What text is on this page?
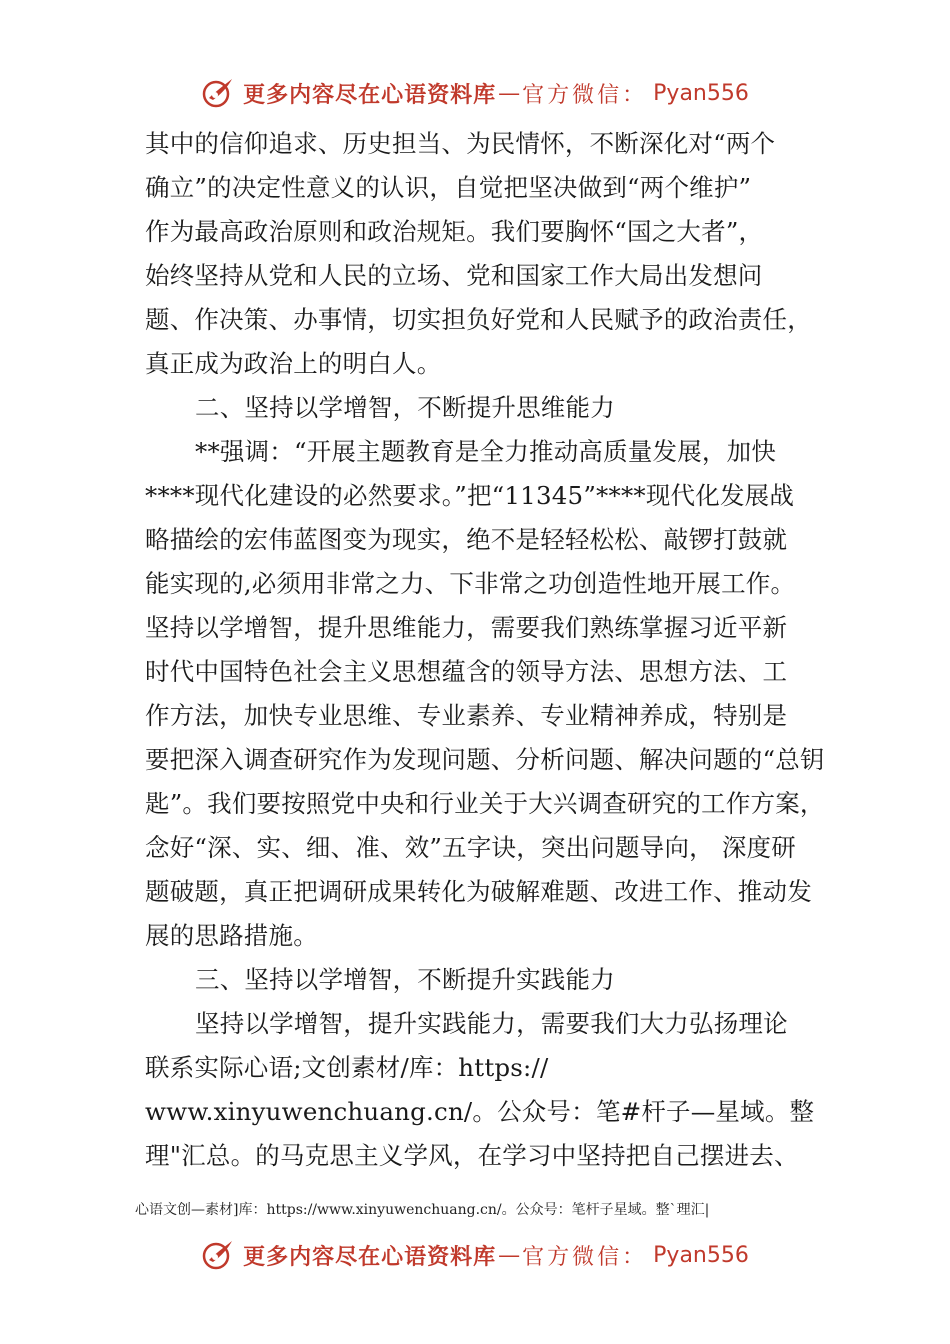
更多内容尽在心语资料库 — 官方微信： Pyan556
其中的信仰追求、历史担当、为民情怀，不断深化对“两个
确立”的决定性意义的认识，自觉把坚决做到“两个维护”
作为最高政治原则和政治规矩。我们要胸怀“国之大者”，
始终坚持从党和人民的立场、党和国家工作大局出发想问
题、作决策、办事情，切实担负好党和人民赋予的政治责任，
真正成为政治上的明白人。
二、坚持以学增智，不断提升思维能力
**强调：“开展主题教育是全力推动高质量发展，加快
****现代化建设的必然要求。”把“11345”****现代化发展战
略描绘的宏伟蓝图变为现实，绝不是轻轻松松、敲锣打鼓就
能实现的,必须用非常之力、下非常之功创造性地开展工作。
坚持以学增智，提升思维能力，需要我们熟练掌握习近平新
时代中国特色社会主义思想蕴含的领导方法、思想方法、工
作方法，加快专业思维、专业素养、专业精神养成，特别是
要把深入调查研究作为发现问题、分析问题、解决问题的“总钥
匙”。我们要按照党中央和行业关于大兴调查研究的工作方案，
念好“深、实、细、准、效”五字诀，突出问题导向， 深度研
题破题，真正把调研成果转化为破解难题、改进工作、推动发
展的思路措施。
三、坚持以学增智，不断提升实践能力
坚持以学增智，提升实践能力，需要我们大力弘扬理论
联系实际心语;文创素材/库：https://
www.xinyuwenchuang.cn/。公众号：笔#杆子—星域。整
理"汇总。的马克思主义学风，在学习中坚持把自己摆进去、
心语文创—素材]库：https://www.xinyuwenchuang.cn/。公众号：笔杆子星域。整`理汇|
更多内容尽在心语资料库 — 官方微信： Pyan556
